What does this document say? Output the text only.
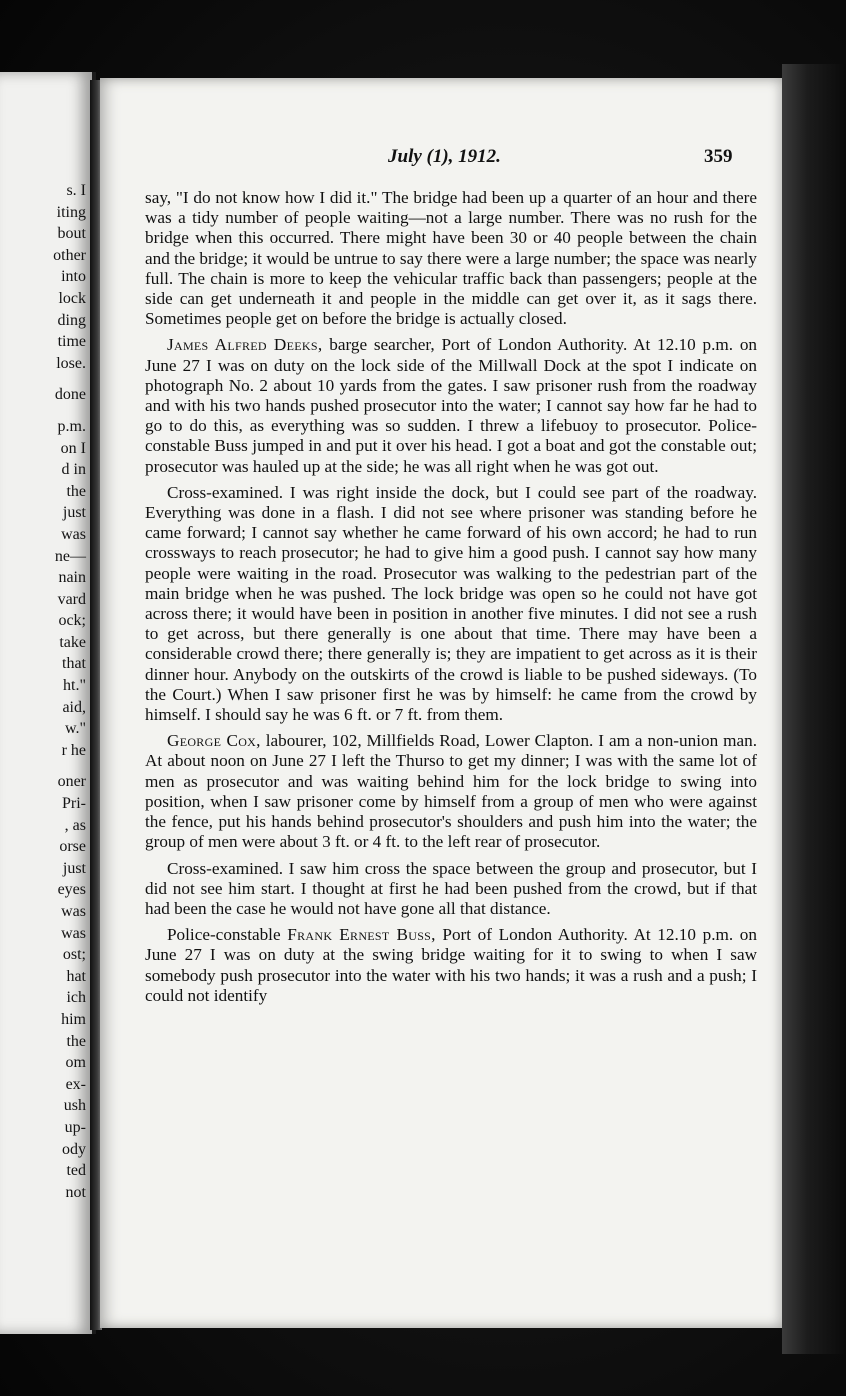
s. I
iting
bout
other
into
lock
ding
time
lose.
done
p.m.
on I
d in
the
just
was
ne—
nain
vard
ock;
take
that
ht."
aid,
w."
r he
oner
Pri-
, as
orse
just
eyes
was
was
ost;
hat
ich
him
the
om
ex-
ush
up-
ody
ted
not
July (1), 1912.	359

say, "I do not know how I did it." The bridge had been up a quarter of an hour and there was a tidy number of people waiting—not a large number. There was no rush for the bridge when this occurred. There might have been 30 or 40 people between the chain and the bridge; it would be untrue to say there were a large number; the space was nearly full. The chain is more to keep the vehicular traffic back than passengers; people at the side can get underneath it and people in the middle can get over it, as it sags there. Sometimes people get on before the bridge is actually closed.

James Alfred Deeks, barge searcher, Port of London Authority. At 12.10 p.m. on June 27 I was on duty on the lock side of the Millwall Dock at the spot I indicate on photograph No. 2 about 10 yards from the gates. I saw prisoner rush from the roadway and with his two hands pushed prosecutor into the water; I cannot say how far he had to go to do this, as everything was so sudden. I threw a lifebuoy to prosecutor. Police-constable Buss jumped in and put it over his head. I got a boat and got the constable out; prosecutor was hauled up at the side; he was all right when he was got out.

Cross-examined. I was right inside the dock, but I could see part of the roadway. Everything was done in a flash. I did not see where prisoner was standing before he came forward; I cannot say whether he came forward of his own accord; he had to run crossways to reach prosecutor; he had to give him a good push. I cannot say how many people were waiting in the road. Prosecutor was walking to the pedestrian part of the main bridge when he was pushed. The lock bridge was open so he could not have got across there; it would have been in position in another five minutes. I did not see a rush to get across, but there generally is one about that time. There may have been a considerable crowd there; there generally is; they are impatient to get across as it is their dinner hour. Anybody on the outskirts of the crowd is liable to be pushed sideways. (To the Court.) When I saw prisoner first he was by himself: he came from the crowd by himself. I should say he was 6 ft. or 7 ft. from them.

George Cox, labourer, 102, Millfields Road, Lower Clapton. I am a non-union man. At about noon on June 27 I left the Thurso to get my dinner; I was with the same lot of men as prosecutor and was waiting behind him for the lock bridge to swing into position, when I saw prisoner come by himself from a group of men who were against the fence, put his hands behind prosecutor's shoulders and push him into the water; the group of men were about 3 ft. or 4 ft. to the left rear of prosecutor.

Cross-examined. I saw him cross the space between the group and prosecutor, but I did not see him start. I thought at first he had been pushed from the crowd, but if that had been the case he would not have gone all that distance.

Police-constable Frank Ernest Buss, Port of London Authority. At 12.10 p.m. on June 27 I was on duty at the swing bridge waiting for it to swing to when I saw somebody push prosecutor into the water with his two hands; it was a rush and a push; I could not identify
